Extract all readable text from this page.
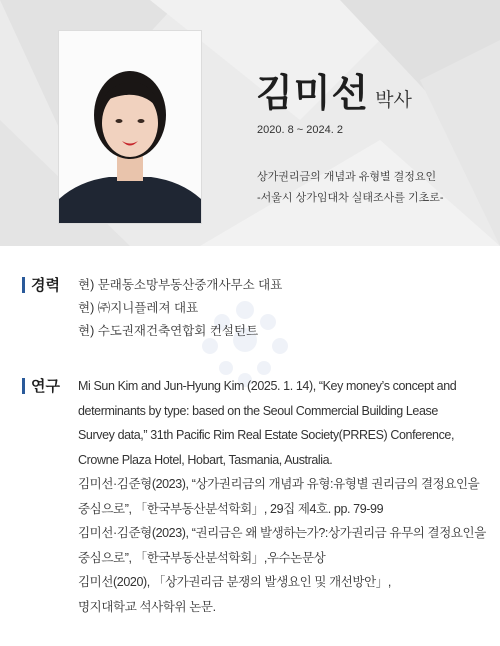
김미선 박사
2020. 8 ~ 2024. 2
상가권리금의 개념과 유형별 결정요인
-서울시 상가임대차 실태조사를 기초로-
경력 현) 문래동소망부동산중개사무소 대표
현) ㈜지니플레져 대표
현) 수도권재건축연합회 컨설턴트
연구 Mi Sun Kim and Jun-Hyung Kim (2025. 1. 14), “Key money’s concept and
determinants by type: based on the Seoul Commercial Building Lease
Survey data,” 31th Pacific Rim Real Estate Society(PRRES) Conference,
Crowne Plaza Hotel, Hobart, Tasmania, Australia.
김미선·김준형(2023), “상가권리금의 개념과 유형:유형별 권리금의 결정요인을
중심으로”, 「한국부동산분석학회」, 29집 제4호. pp. 79-99
김미선·김준형(2023), “권리금은 왜 발생하는가?:상가권리금 유무의 결정요인을
중심으로”, 「한국부동산분석학회」,우수논문상
김미선(2020), 「상가권리금 분쟁의 발생요인 및 개선방안」,
명지대학교 석사학위 논문.
